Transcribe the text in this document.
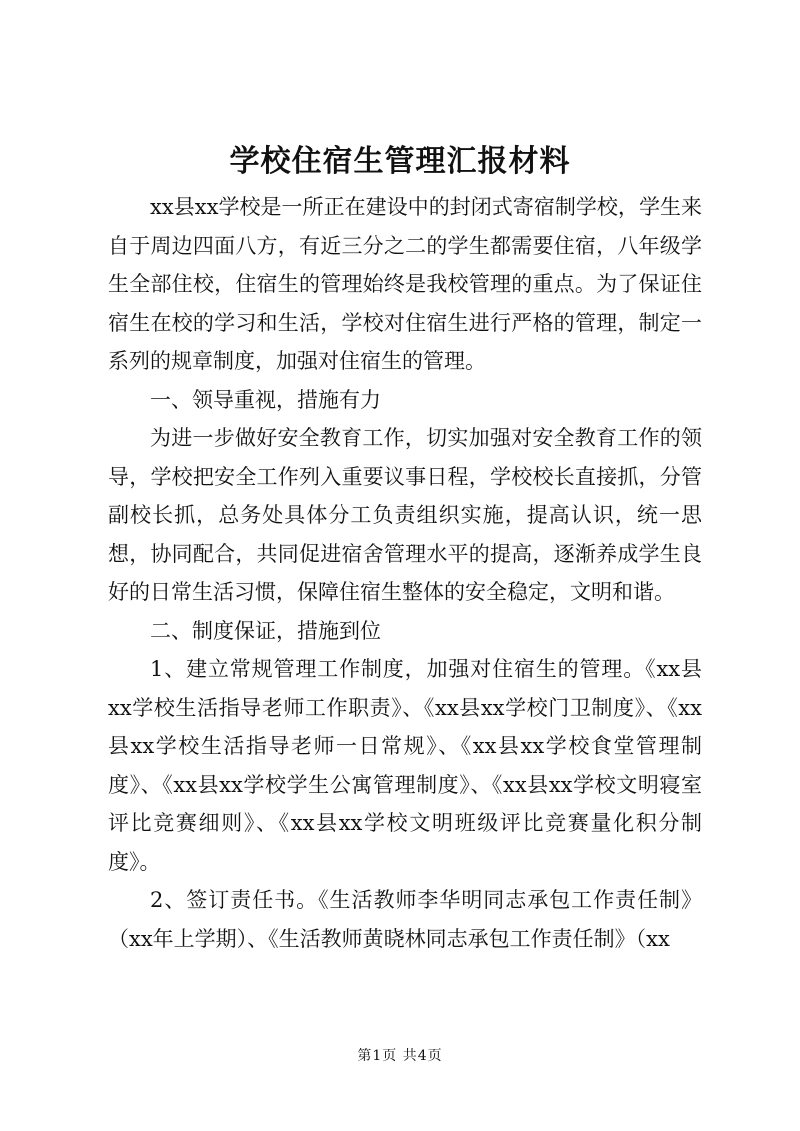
学校住宿生管理汇报材料

xx县xx学校是一所正在建设中的封闭式寄宿制学校，学生来自于周边四面八方，有近三分之二的学生都需要住宿，八年级学生全部住校，住宿生的管理始终是我校管理的重点。为了保证住宿生在校的学习和生活，学校对住宿生进行严格的管理，制定一系列的规章制度，加强对住宿生的管理。

一、领导重视，措施有力

为进一步做好安全教育工作，切实加强对安全教育工作的领导，学校把安全工作列入重要议事日程，学校校长直接抓，分管副校长抓，总务处具体分工负责组织实施，提高认识，统一思想，协同配合，共同促进宿舍管理水平的提高，逐渐养成学生良好的日常生活习惯，保障住宿生整体的安全稳定，文明和谐。

二、制度保证，措施到位

1、建立常规管理工作制度，加强对住宿生的管理。《xx县xx学校生活指导老师工作职责》、《xx县xx学校门卫制度》、《xx县xx学校生活指导老师一日常规》、《xx县xx学校食堂管理制度》、《xx县xx学校学生公寓管理制度》、《xx县xx学校文明寝室评比竞赛细则》、《xx县xx学校文明班级评比竞赛量化积分制度》。

2、签订责任书。《生活教师李华明同志承包工作责任制》（xx年上学期）、《生活教师黄晓林同志承包工作责任制》（xx

第1页 共4页
